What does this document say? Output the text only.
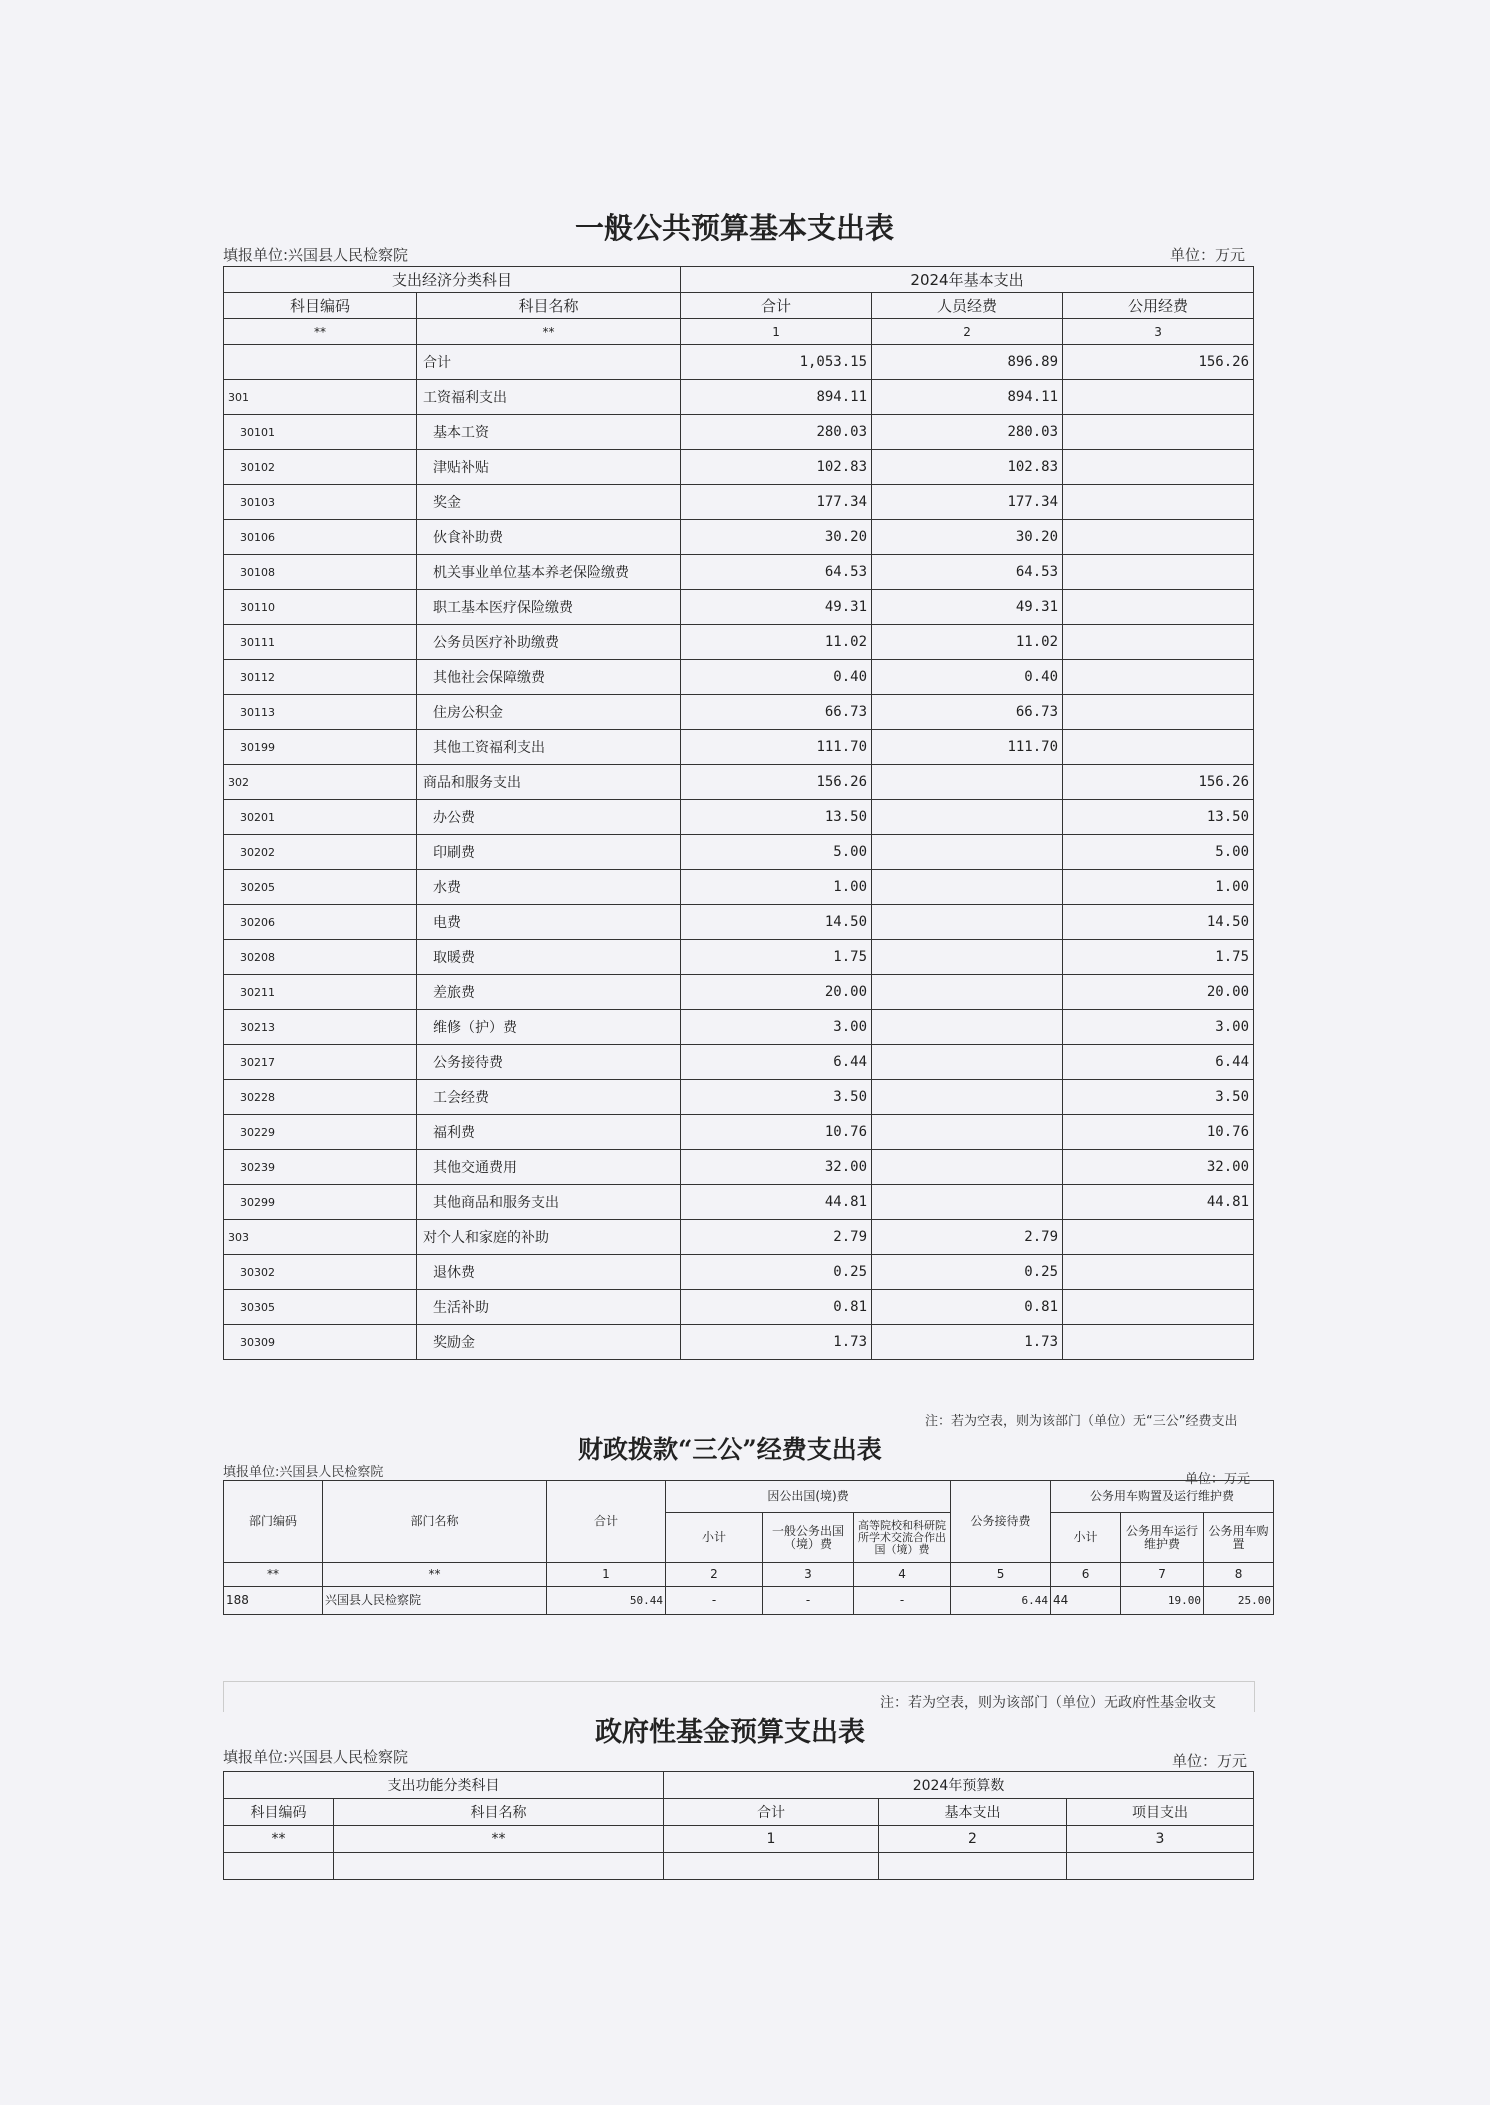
一般公共预算基本支出表
填报单位:兴国县人民检察院	单位：万元
支出经济分类科目		2024年基本支出		
科目编码	科目名称	合计	人员经费	公用经费
**	**	1	2	3
	合计	1,053.15	896.89	156.26
301	工资福利支出	894.11	894.11	
30101	基本工资	280.03	280.03	
30102	津贴补贴	102.83	102.83	
30103	奖金	177.34	177.34	
30106	伙食补助费	30.20	30.20	
30108	机关事业单位基本养老保险缴费	64.53	64.53	
30110	职工基本医疗保险缴费	49.31	49.31	
30111	公务员医疗补助缴费	11.02	11.02	
30112	其他社会保障缴费	0.40	0.40	
30113	住房公积金	66.73	66.73	
30199	其他工资福利支出	111.70	111.70	
302	商品和服务支出	156.26		156.26
30201	办公费	13.50		13.50
30202	印刷费	5.00		5.00
30205	水费	1.00		1.00
30206	电费	14.50		14.50
30208	取暖费	1.75		1.75
30211	差旅费	20.00		20.00
30213	维修（护）费	3.00		3.00
30217	公务接待费	6.44		6.44
30228	工会经费	3.50		3.50
30229	福利费	10.76		10.76
30239	其他交通费用	32.00		32.00
30299	其他商品和服务支出	44.81		44.81
303	对个人和家庭的补助	2.79	2.79	
30302	退休费	0.25	0.25	
30305	生活补助	0.81	0.81	
30309	奖励金	1.73	1.73	
注：若为空表，则为该部门（单位）无“三公”经费支出
财政拨款“三公”经费支出表
填报单位:兴国县人民检察院	单位：万元
部门编码	部门名称	合计	因公出国(境)费			公务接待费	公务用车购置及运行维护费		
			小计	一般公务出国（境）费	高等院校和科研院所学术交流合作出国（境）费		小计	公务用车运行维护费	公务用车购置
**	**	1	2	3	4	5	6	7	8
188	兴国县人民检察院	50.44	-	-	-	6.44	44	19.00	25.00
注：若为空表，则为该部门（单位）无政府性基金收支
政府性基金预算支出表
填报单位:兴国县人民检察院	单位：万元
支出功能分类科目		2024年预算数		
科目编码	科目名称	合计	基本支出	项目支出
**	**	1	2	3
